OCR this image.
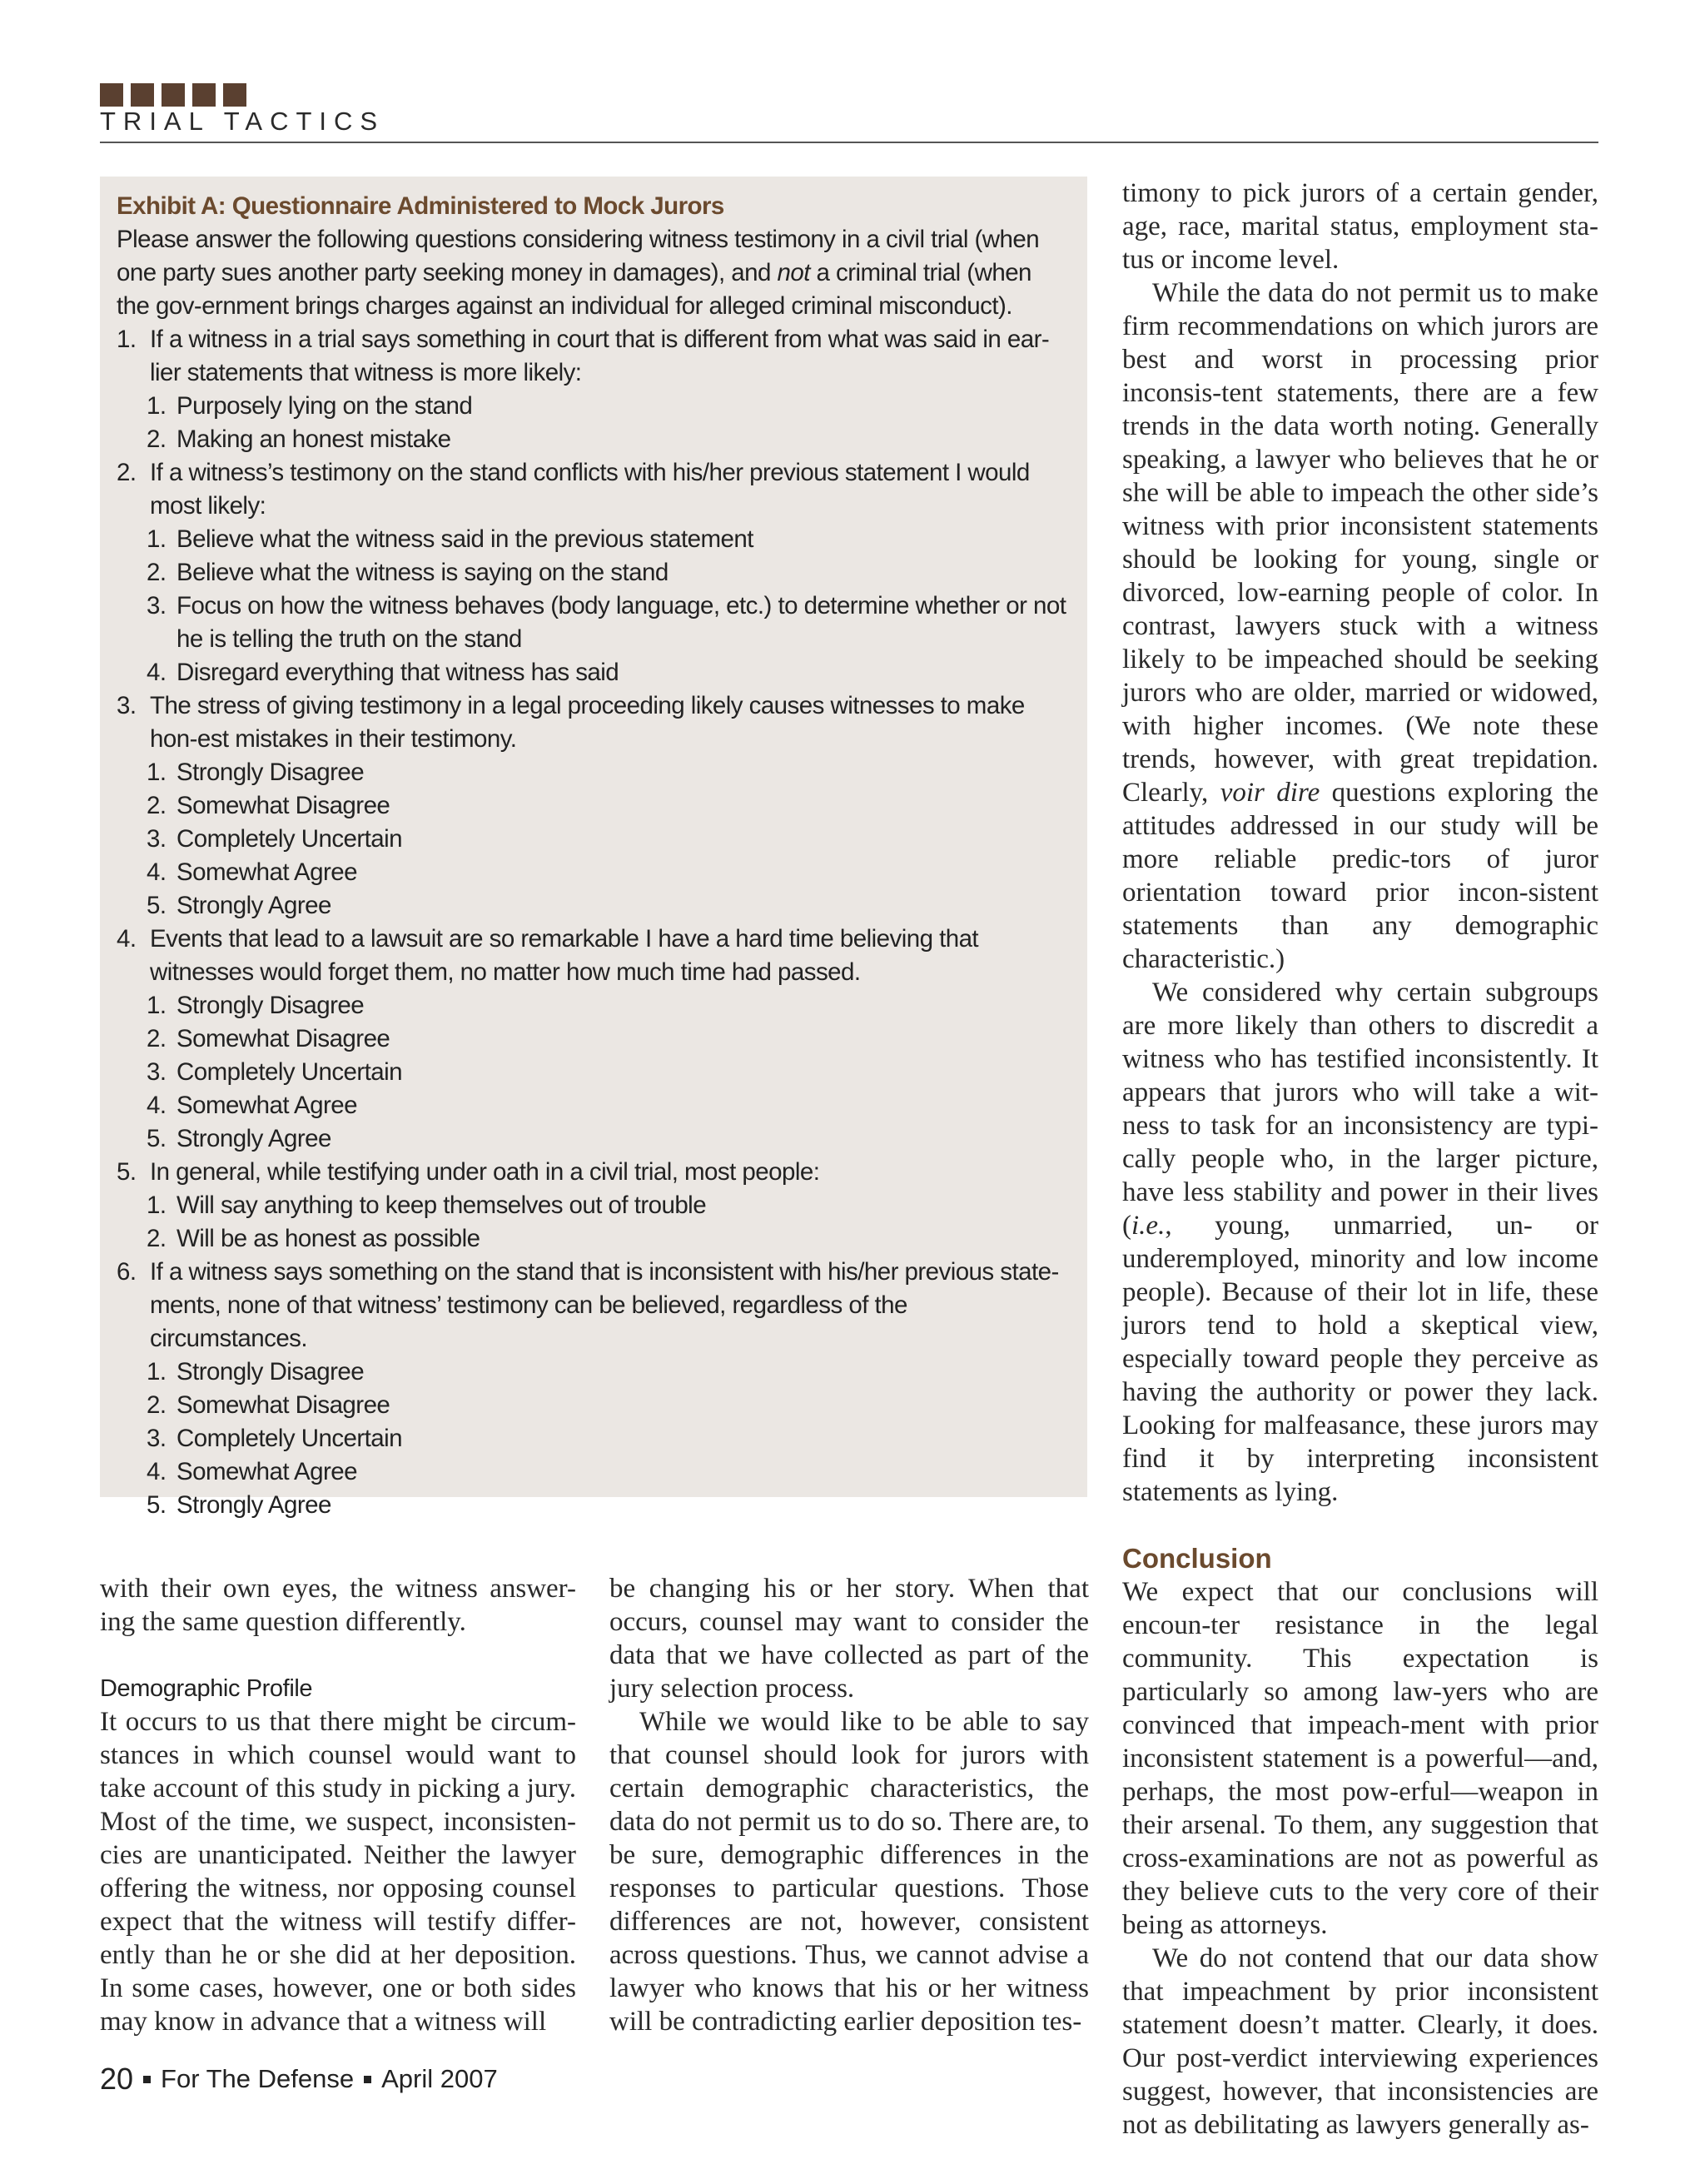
TRIAL TACTICS
Exhibit A: Questionnaire Administered to Mock Jurors
Please answer the following questions considering witness testimony in a civil trial (when one party sues another party seeking money in damages), and not a criminal trial (when the gov-ernment brings charges against an individual for alleged criminal misconduct).
1. If a witness in a trial says something in court that is different from what was said in ear-lier statements that witness is more likely:
1. Purposely lying on the stand
2. Making an honest mistake
2. If a witness’s testimony on the stand conflicts with his/her previous statement I would most likely:
1. Believe what the witness said in the previous statement
2. Believe what the witness is saying on the stand
3. Focus on how the witness behaves (body language, etc.) to determine whether or not he is telling the truth on the stand
4. Disregard everything that witness has said
3. The stress of giving testimony in a legal proceeding likely causes witnesses to make hon-est mistakes in their testimony.
1. Strongly Disagree
2. Somewhat Disagree
3. Completely Uncertain
4. Somewhat Agree
5. Strongly Agree
4. Events that lead to a lawsuit are so remarkable I have a hard time believing that witnesses would forget them, no matter how much time had passed.
1. Strongly Disagree
2. Somewhat Disagree
3. Completely Uncertain
4. Somewhat Agree
5. Strongly Agree
5. In general, while testifying under oath in a civil trial, most people:
1. Will say anything to keep themselves out of trouble
2. Will be as honest as possible
6. If a witness says something on the stand that is inconsistent with his/her previous state-ments, none of that witness’ testimony can be believed, regardless of the circumstances.
1. Strongly Disagree
2. Somewhat Disagree
3. Completely Uncertain
4. Somewhat Agree
5. Strongly Agree

with their own eyes, the witness answer-ing the same question differently.

Demographic Profile

It occurs to us that there might be circum-stances in which counsel would want to take account of this study in picking a jury. Most of the time, we suspect, inconsisten-cies are unanticipated. Neither the lawyer offering the witness, nor opposing counsel expect that the witness will testify differ-ently than he or she did at her deposition. In some cases, however, one or both sides may know in advance that a witness will

be changing his or her story. When that occurs, counsel may want to consider the data that we have collected as part of the jury selection process.

While we would like to be able to say that counsel should look for jurors with certain demographic characteristics, the data do not permit us to do so. There are, to be sure, demographic differences in the responses to particular questions. Those differences are not, however, consistent across questions. Thus, we cannot advise a lawyer who knows that his or her witness will be contradicting earlier deposition tes-

timony to pick jurors of a certain gender, age, race, marital status, employment sta-tus or income level.

While the data do not permit us to make firm recommendations on which jurors are best and worst in processing prior inconsis-tent statements, there are a few trends in the data worth noting. Generally speaking, a lawyer who believes that he or she will be able to impeach the other side’s witness with prior inconsistent statements should be looking for young, single or divorced, low-earning people of color. In contrast, lawyers stuck with a witness likely to be impeached should be seeking jurors who are older, married or widowed, with higher incomes. (We note these trends, however, with great trepidation. Clearly, voir dire questions exploring the attitudes addressed in our study will be more reliable predic-tors of juror orientation toward prior incon-sistent statements than any demographic characteristic.)

We considered why certain subgroups are more likely than others to discredit a witness who has testified inconsistently. It appears that jurors who will take a wit-ness to task for an inconsistency are typi-cally people who, in the larger picture, have less stability and power in their lives (i.e., young, unmarried, un- or underemployed, minority and low income people). Because of their lot in life, these jurors tend to hold a skeptical view, especially toward people they perceive as having the authority or power they lack. Looking for malfeasance, these jurors may find it by interpreting inconsistent statements as lying.

Conclusion

We expect that our conclusions will encoun-ter resistance in the legal community. This expectation is particularly so among law-yers who are convinced that impeach-ment with prior inconsistent statement is a powerful—and, perhaps, the most pow-erful—weapon in their arsenal. To them, any suggestion that cross-examinations are not as powerful as they believe cuts to the very core of their being as attorneys.

We do not contend that our data show that impeachment by prior inconsistent statement doesn’t matter. Clearly, it does. Our post-verdict interviewing experiences suggest, however, that inconsistencies are not as debilitating as lawyers generally as-

20 For The Defense April 2007
